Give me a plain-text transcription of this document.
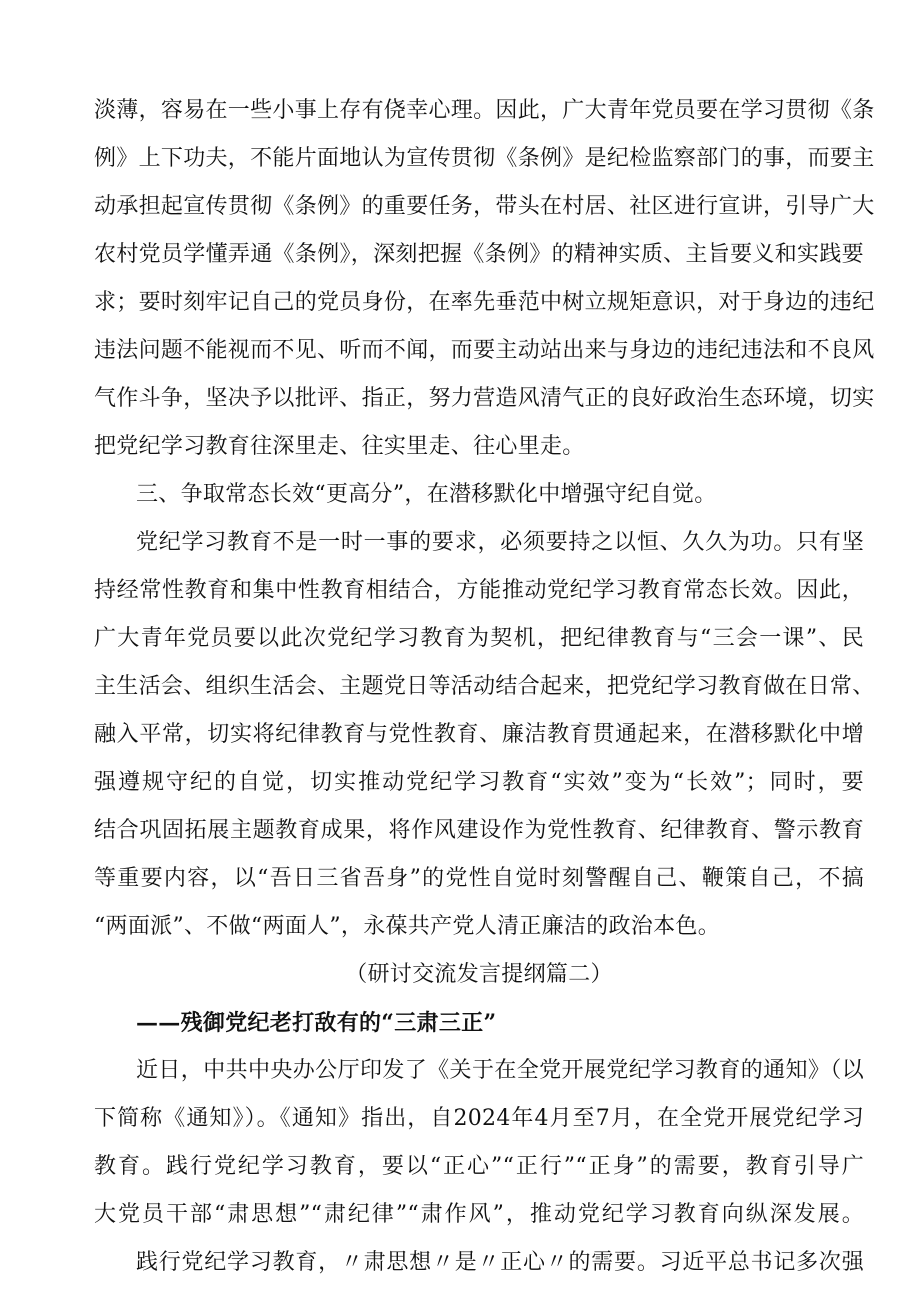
淡薄，容易在一些小事上存有侥幸心理。因此，广大青年党员要在学习贯彻《条
例》上下功夫，不能片面地认为宣传贯彻《条例》是纪检监察部门的事，而要主
动承担起宣传贯彻《条例》的重要任务，带头在村居、社区进行宣讲，引导广大
农村党员学懂弄通《条例》，深刻把握《条例》的精神实质、主旨要义和实践要
求；要时刻牢记自己的党员身份，在率先垂范中树立规矩意识，对于身边的违纪
违法问题不能视而不见、听而不闻，而要主动站出来与身边的违纪违法和不良风
气作斗争，坚决予以批评、指正，努力营造风清气正的良好政治生态环境，切实
把党纪学习教育往深里走、往实里走、往心里走。
三、争取常态长效“更高分”，在潜移默化中增强守纪自觉。
党纪学习教育不是一时一事的要求，必须要持之以恒、久久为功。只有坚
持经常性教育和集中性教育相结合，方能推动党纪学习教育常态长效。因此，
广大青年党员要以此次党纪学习教育为契机，把纪律教育与“三会一课”、民
主生活会、组织生活会、主题党日等活动结合起来，把党纪学习教育做在日常、
融入平常，切实将纪律教育与党性教育、廉洁教育贯通起来，在潜移默化中增
强遵规守纪的自觉，切实推动党纪学习教育“实效”变为“长效”；同时，要
结合巩固拓展主题教育成果，将作风建设作为党性教育、纪律教育、警示教育
等重要内容，以“吾日三省吾身”的党性自觉时刻警醒自己、鞭策自己，不搞
“两面派”、不做“两面人”，永葆共产党人清正廉洁的政治本色。
（研讨交流发言提纲篇二）
——残御党纪老打敌有的“三肃三正”
近日，中共中央办公厅印发了《关于在全党开展党纪学习教育的通知》（以
下简称《通知》）。《通知》指出，自2024年4月至7月，在全党开展党纪学习
教育。践行党纪学习教育，要以“正心”“正行”“正身”的需要，教育引导广
大党员干部“肃思想”“肃纪律”“肃作风”，推动党纪学习教育向纵深发展。
践行党纪学习教育，〃肃思想〃是〃正心〃的需要。习近平总书记多次强
